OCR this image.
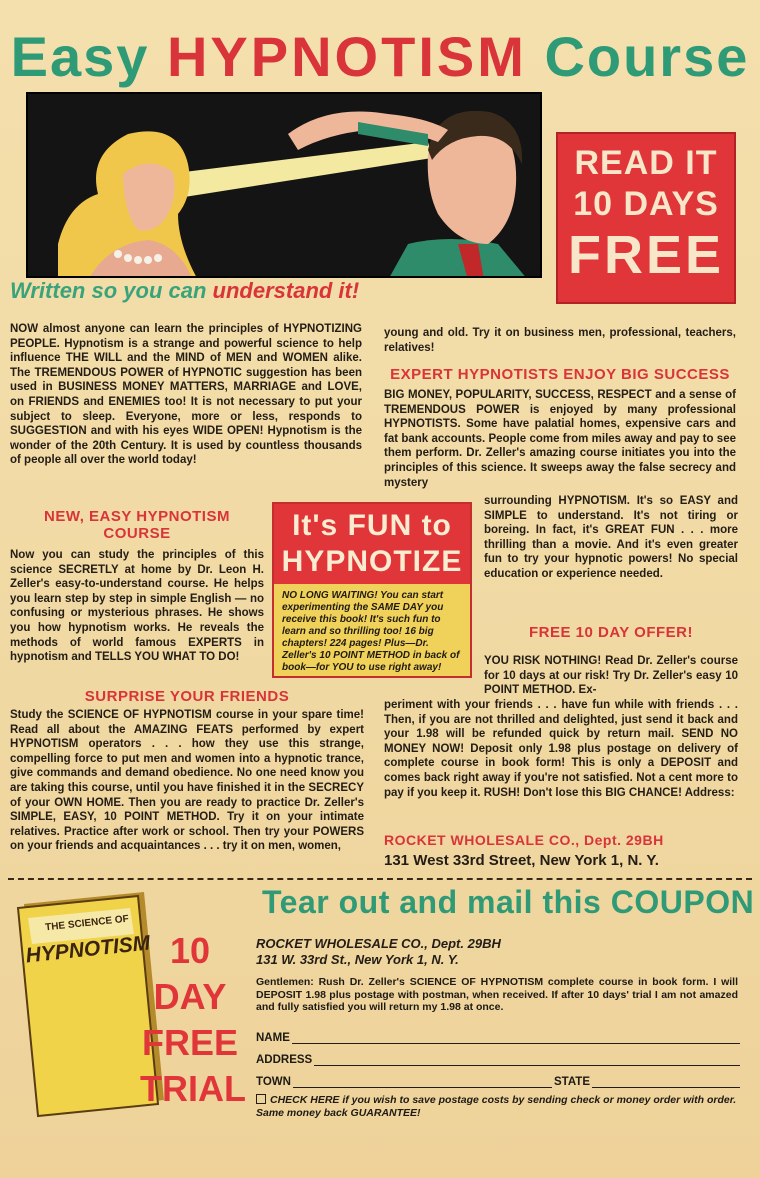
Easy HYPNOTISM Course
READ IT
10 DAYS
FREE
Written so you can understand it!
NOW almost anyone can learn the principles of HYPNOTIZING PEOPLE. Hypnotism is a strange and powerful science to help influence THE WILL and the MIND of MEN and WOMEN alike. The TREMENDOUS POWER of HYPNOTIC suggestion has been used in BUSINESS MONEY MATTERS, MARRIAGE and LOVE, on FRIENDS and ENEMIES too! It is not necessary to put your subject to sleep. Everyone, more or less, responds to SUGGESTION and with his eyes WIDE OPEN! Hypnotism is the wonder of the 20th Century. It is used by countless thousands of people all over the world today!
NEW, EASY HYPNOTISM COURSE
Now you can study the principles of this science SECRETLY at home by Dr. Leon H. Zeller's easy-to-understand course. He helps you learn step by step in simple English — no confusing or mysterious phrases. He shows you how hypnotism works. He reveals the methods of world famous EXPERTS in hypnotism and TELLS YOU WHAT TO DO!
SURPRISE YOUR FRIENDS
Study the SCIENCE OF HYPNOTISM course in your spare time! Read all about the AMAZING FEATS performed by expert HYPNOTISM operators . . . how they use this strange, compelling force to put men and women into a hypnotic trance, give commands and demand obedience. No one need know you are taking this course, until you have finished it in the SECRECY of your OWN HOME. Then you are ready to practice Dr. Zeller's SIMPLE, EASY, 10 POINT METHOD. Try it on your intimate relatives. Practice after work or school. Then try your POWERS on your friends and acquaintances . . . try it on men, women,
It's FUN to
HYPNOTIZE
NO LONG WAITING! You can start experimenting the SAME DAY you receive this book! It's such fun to learn and so thrilling too! 16 big chapters! 224 pages! Plus—Dr. Zeller's 10 POINT METHOD in back of book—for YOU to use right away!
young and old. Try it on business men, professional, teachers, relatives!
EXPERT HYPNOTISTS ENJOY BIG SUCCESS
BIG MONEY, POPULARITY, SUCCESS, RESPECT and a sense of TREMENDOUS POWER is enjoyed by many professional HYPNOTISTS. Some have palatial homes, expensive cars and fat bank accounts. People come from miles away and pay to see them perform. Dr. Zeller's amazing course initiates you into the principles of this science. It sweeps away the false secrecy and mystery
surrounding HYPNOTISM. It's so EASY and SIMPLE to understand. It's not tiring or boreing. In fact, it's GREAT FUN . . . more thrilling than a movie. And it's even greater fun to try your hypnotic powers! No special education or experience needed.
FREE 10 DAY OFFER!
YOU RISK NOTHING! Read Dr. Zeller's course for 10 days at our risk! Try Dr. Zeller's easy 10 POINT METHOD. Ex-
periment with your friends . . . have fun while with friends . . . Then, if you are not thrilled and delighted, just send it back and your 1.98 will be refunded quick by return mail. SEND NO MONEY NOW! Deposit only 1.98 plus postage on delivery of complete course in book form! This is only a DEPOSIT and comes back right away if you're not satisfied. Not a cent more to pay if you keep it. RUSH! Don't lose this BIG CHANCE! Address:
ROCKET WHOLESALE CO., Dept. 29BH
131 West 33rd Street, New York 1, N. Y.
Tear out and mail this COUPON
THE SCIENCE OF
HYPNOTISM 10
DAY
FREE
TRIAL
ROCKET WHOLESALE CO., Dept. 29BH
131 W. 33rd St., New York 1, N. Y.
Gentlemen: Rush Dr. Zeller's SCIENCE OF HYPNOTISM complete course in book form. I will DEPOSIT 1.98 plus postage with postman, when received. If after 10 days' trial I am not amazed and fully satisfied you will return my 1.98 at once.
NAME
ADDRESS
TOWN	STATE
CHECK HERE if you wish to save postage costs by sending check or money order with order. Same money back GUARANTEE!
